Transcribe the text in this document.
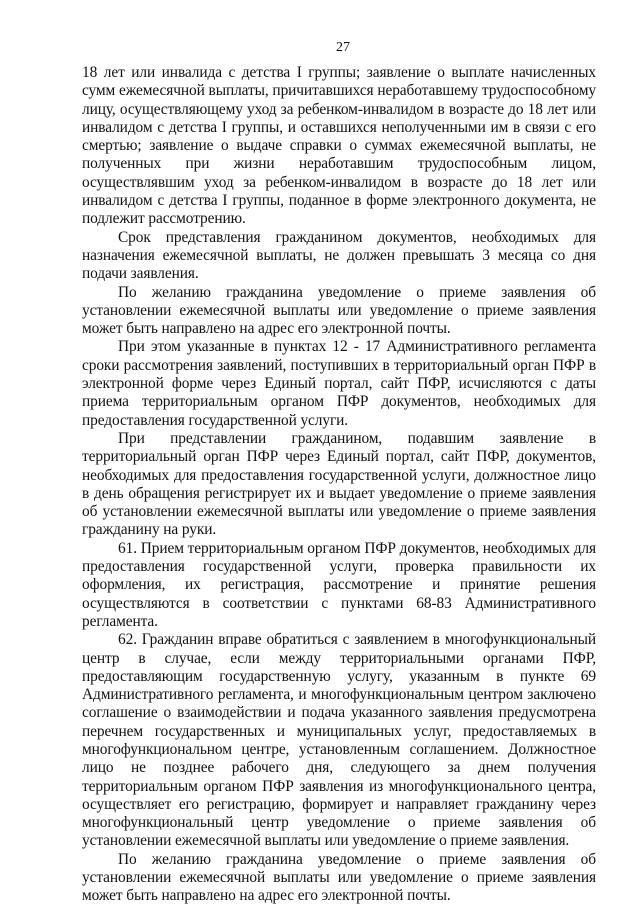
27

18 лет или инвалида с детства I группы; заявление о выплате начисленных сумм ежемесячной выплаты, причитавшихся неработавшему трудоспособному лицу, осуществляющему уход за ребенком-инвалидом в возрасте до 18 лет или инвалидом с детства I группы, и оставшихся неполученными им в связи с его смертью; заявление о выдаче справки о суммах ежемесячной выплаты, не полученных при жизни неработавшим трудоспособным лицом, осуществлявшим уход за ребенком-инвалидом в возрасте до 18 лет или инвалидом с детства I группы, поданное в форме электронного документа, не подлежит рассмотрению.

Срок представления гражданином документов, необходимых для назначения ежемесячной выплаты, не должен превышать 3 месяца со дня подачи заявления.

По желанию гражданина уведомление о приеме заявления об установлении ежемесячной выплаты или уведомление о приеме заявления может быть направлено на адрес его электронной почты.

При этом указанные в пунктах 12 - 17 Административного регламента сроки рассмотрения заявлений, поступивших в территориальный орган ПФР в электронной форме через Единый портал, сайт ПФР, исчисляются с даты приема территориальным органом ПФР документов, необходимых для предоставления государственной услуги.

При представлении гражданином, подавшим заявление в территориальный орган ПФР через Единый портал, сайт ПФР, документов, необходимых для предоставления государственной услуги, должностное лицо в день обращения регистрирует их и выдает уведомление о приеме заявления об установлении ежемесячной выплаты или уведомление о приеме заявления гражданину на руки.

61. Прием территориальным органом ПФР документов, необходимых для предоставления государственной услуги, проверка правильности их оформления, их регистрация, рассмотрение и принятие решения осуществляются в соответствии с пунктами 68-83 Административного регламента.

62. Гражданин вправе обратиться с заявлением в многофункциональный центр в случае, если между территориальными органами ПФР, предоставляющим государственную услугу, указанным в пункте 69 Административного регламента, и многофункциональным центром заключено соглашение о взаимодействии и подача указанного заявления предусмотрена перечнем государственных и муниципальных услуг, предоставляемых в многофункциональном центре, установленным соглашением. Должностное лицо не позднее рабочего дня, следующего за днем получения территориальным органом ПФР заявления из многофункционального центра, осуществляет его регистрацию, формирует и направляет гражданину через многофункциональный центр уведомление о приеме заявления об установлении ежемесячной выплаты или уведомление о приеме заявления.

По желанию гражданина уведомление о приеме заявления об установлении ежемесячной выплаты или уведомление о приеме заявления может быть направлено на адрес его электронной почты.
